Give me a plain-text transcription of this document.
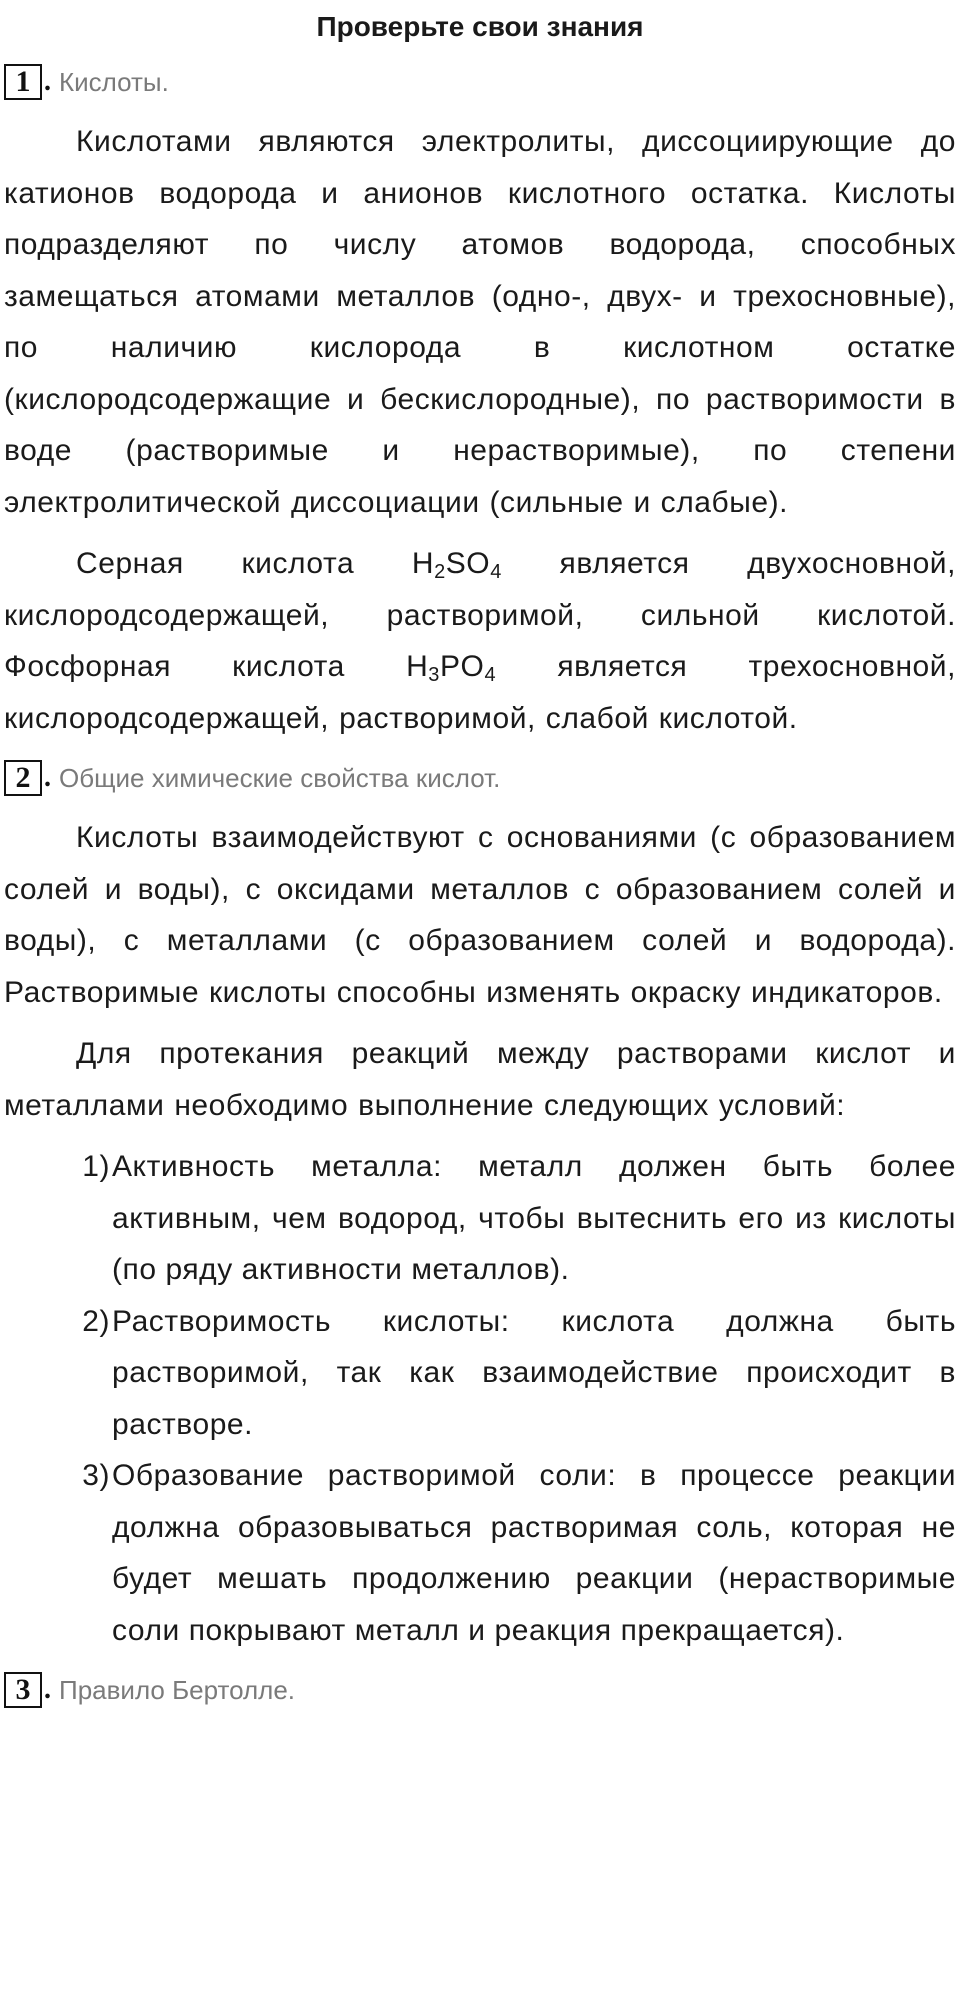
Проверьте свои знания
1 . Кислоты.

Кислотами являются электролиты, диссоциирующие до катионов водорода и анионов кислотного остатка. Кислоты подразделяют по числу атомов водорода, способных замещаться атомами металлов (одно-, двух- и трехосновные), по наличию кислорода в кислотном остатке (кислородсодержащие и бескислородные), по растворимости в воде (растворимые и нерастворимые), по степени электролитической диссоциации (сильные и слабые).

Серная кислота $H_2SO_4$ является двухосновной, кислородсодержащей, растворимой, сильной кислотой. Фосфорная кислота $H_3PO_4$ является трехосновной, кислородсодержащей, растворимой, слабой кислотой.

2 . Общие химические свойства кислот.

Кислоты взаимодействуют с основаниями (с образованием солей и воды), с оксидами металлов с образованием солей и воды), с металлами (с образованием солей и водорода). Растворимые кислоты способны изменять окраску индикаторов.

Для протекания реакций между растворами кислот и металлами необходимо выполнение следующих условий:

1) Активность металла: металл должен быть более активным, чем водород, чтобы вытеснить его из кислоты (по ряду активности металлов).
2) Растворимость кислоты: кислота должна быть растворимой, так как взаимодействие происходит в растворе.
3) Образование растворимой соли: в процессе реакции должна образовываться растворимая соль, которая не будет мешать продолжению реакции (нерастворимые соли покрывают металл и реакция прекращается).
3 . Правило Бертолле.
